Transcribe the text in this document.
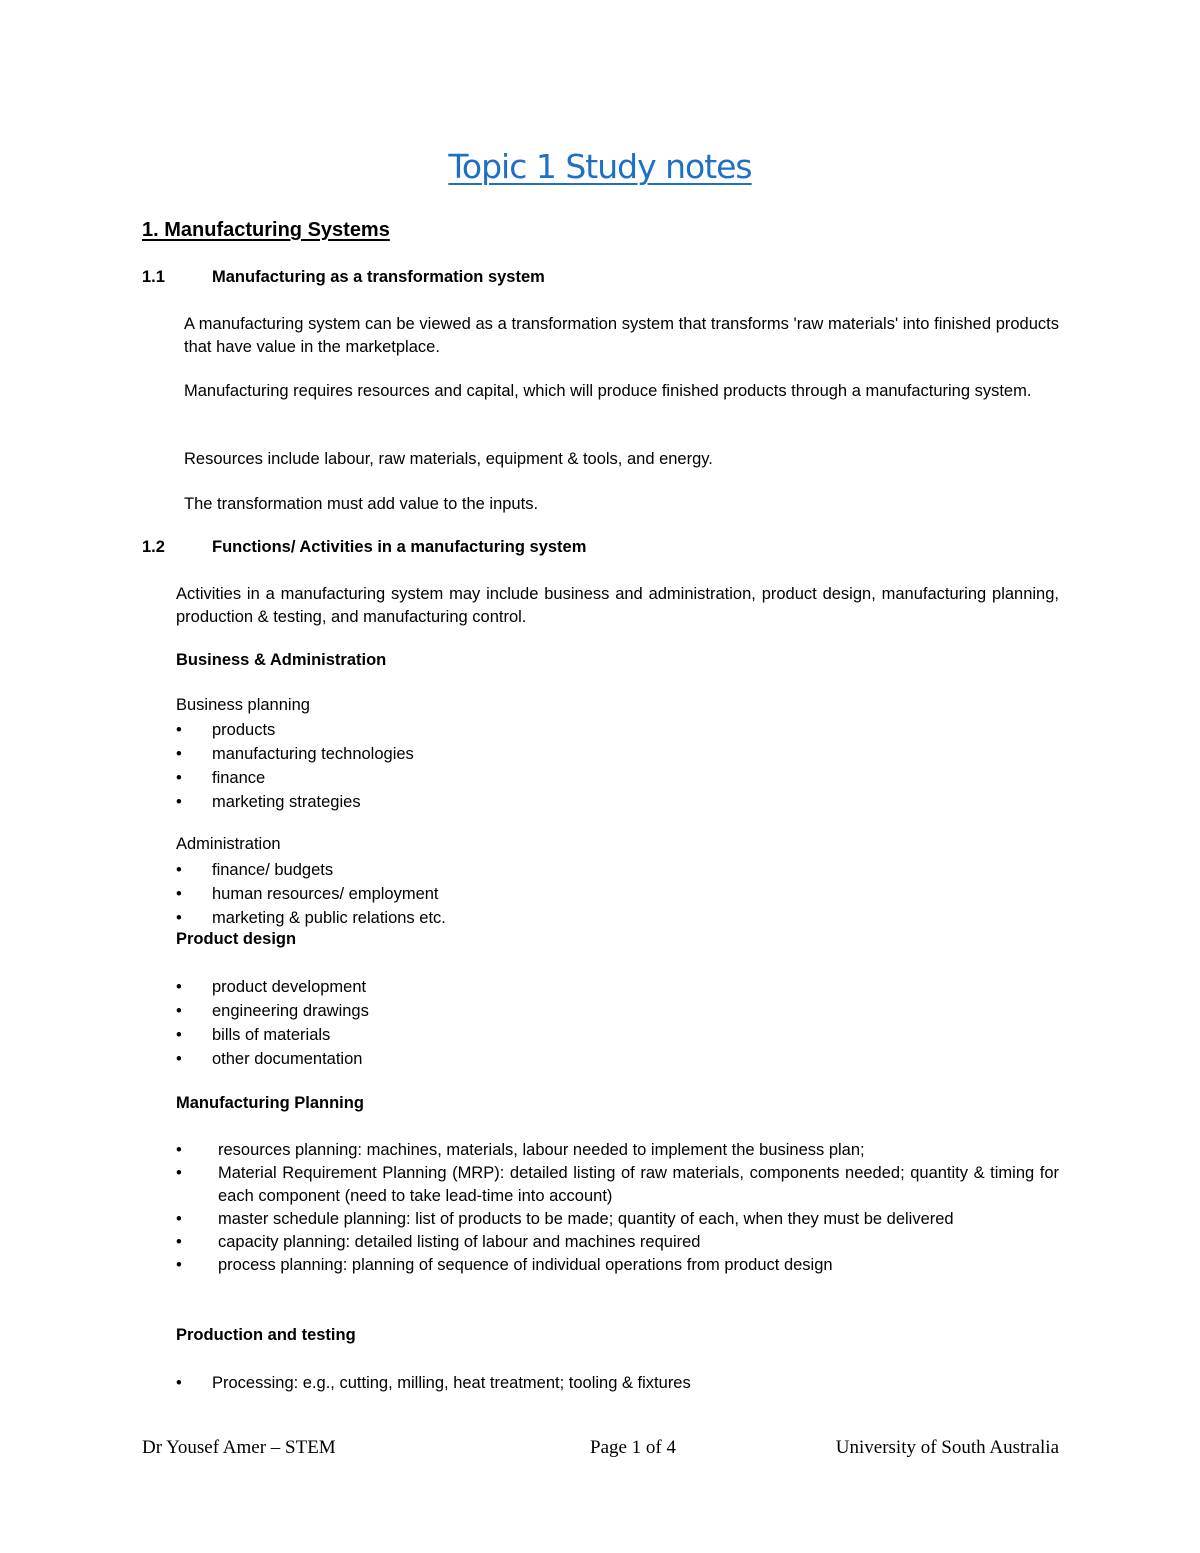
Topic 1 Study notes
1. Manufacturing Systems
1.1	Manufacturing as a transformation system
A manufacturing system can be viewed as a transformation system that transforms 'raw materials' into finished products that have value in the marketplace.
Manufacturing requires resources and capital, which will produce finished products through a manufacturing system.
Resources include labour, raw materials, equipment & tools, and energy.
The transformation must add value to the inputs.
1.2	Functions/ Activities in a manufacturing system
Activities in a manufacturing system may include business and administration, product design, manufacturing planning, production & testing, and manufacturing control.
Business & Administration
Business planning
•	products
•	manufacturing technologies
•	finance
•	marketing strategies
Administration
•	finance/ budgets
•	human resources/ employment
•	marketing & public relations etc.
Product design
•	product development
•	engineering drawings
•	bills of materials
•	other documentation
Manufacturing Planning
•	resources planning: machines, materials, labour needed to implement the business plan;
•	Material Requirement Planning (MRP): detailed listing of raw materials, components needed; quantity & timing for each component (need to take lead-time into account)
•	master schedule planning: list of products to be made; quantity of each, when they must be delivered
•	capacity planning: detailed listing of labour and machines required
•	process planning: planning of sequence of individual operations from product design
Production and testing
•	Processing: e.g., cutting, milling, heat treatment; tooling & fixtures
Dr Yousef Amer – STEM	Page 1 of 4	University of South Australia
